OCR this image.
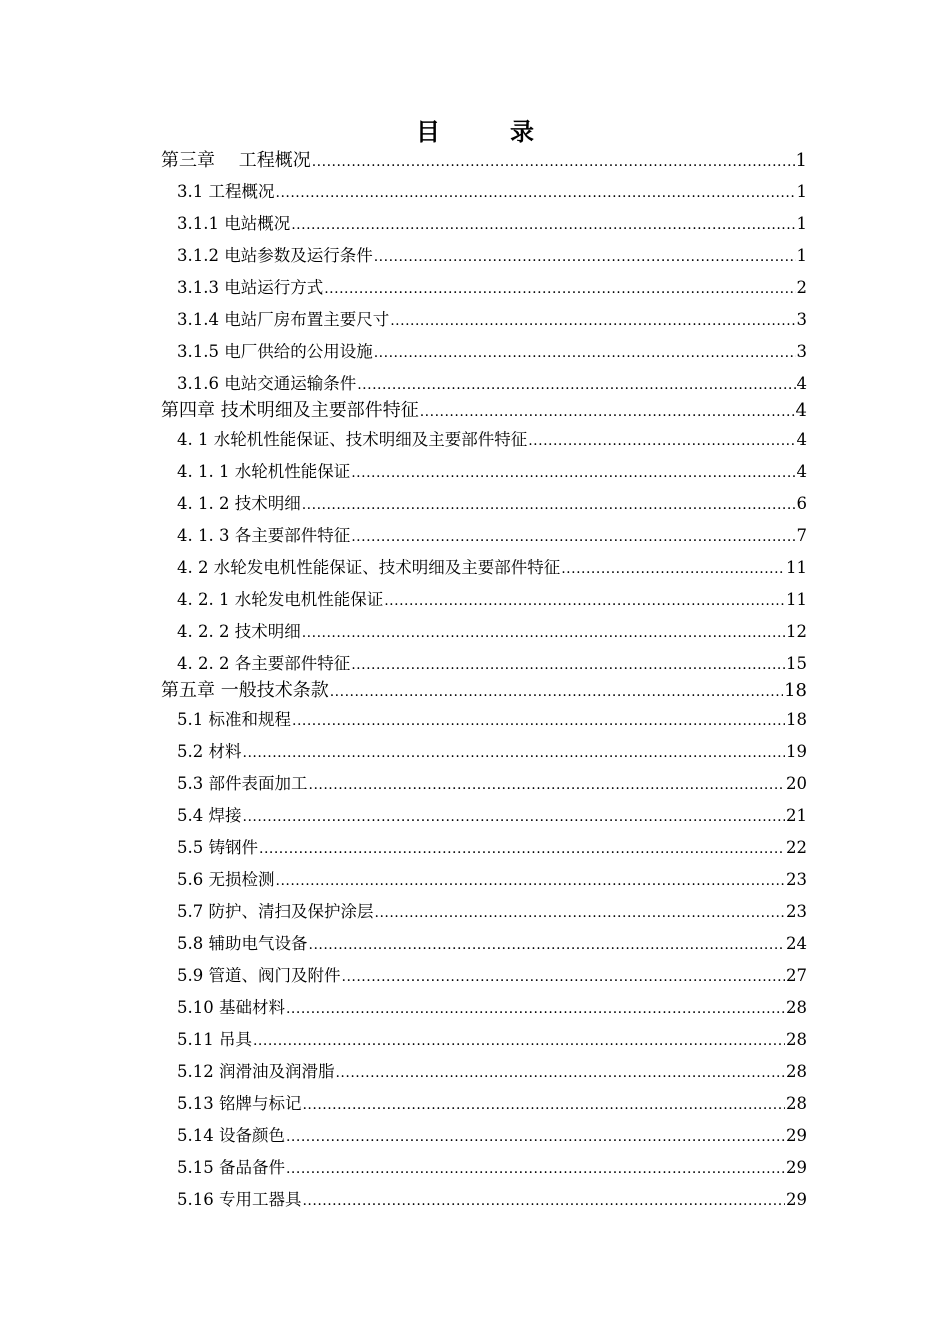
目	录
第三章　 工程概况 .....	1
3.1 工程概况 .....	1
3.1.1 电站概况 .....	1
3.1.2 电站参数及运行条件 .....	1
3.1.3 电站运行方式 .....	2
3.1.4 电站厂房布置主要尺寸 .....	3
3.1.5 电厂供给的公用设施 .....	3
3.1.6 电站交通运输条件 .....	4
第四章 技术明细及主要部件特征 .....	4
4. 1 水轮机性能保证、技术明细及主要部件特征 .....	4
4. 1. 1 水轮机性能保证 .....	4
4. 1. 2 技术明细 .....	6
4. 1. 3 各主要部件特征 .....	7
4. 2 水轮发电机性能保证、技术明细及主要部件特征 .....	11
4. 2. 1 水轮发电机性能保证 .....	11
4. 2. 2 技术明细 .....	12
4. 2. 2 各主要部件特征 .....	15
第五章 一般技术条款 .....	18
5.1 标准和规程 .....	18
5.2 材料 .....	19
5.3 部件表面加工 .....	20
5.4 焊接 .....	21
5.5 铸钢件 .....	22
5.6 无损检测 .....	23
5.7 防护、清扫及保护涂层 .....	23
5.8 辅助电气设备 .....	24
5.9 管道、阀门及附件 .....	27
5.10 基础材料 .....	28
5.11 吊具 .....	28
5.12 润滑油及润滑脂 .....	28
5.13 铭牌与标记 .....	28
5.14 设备颜色 .....	29
5.15 备品备件 .....	29
5.16 专用工器具 .....	29
